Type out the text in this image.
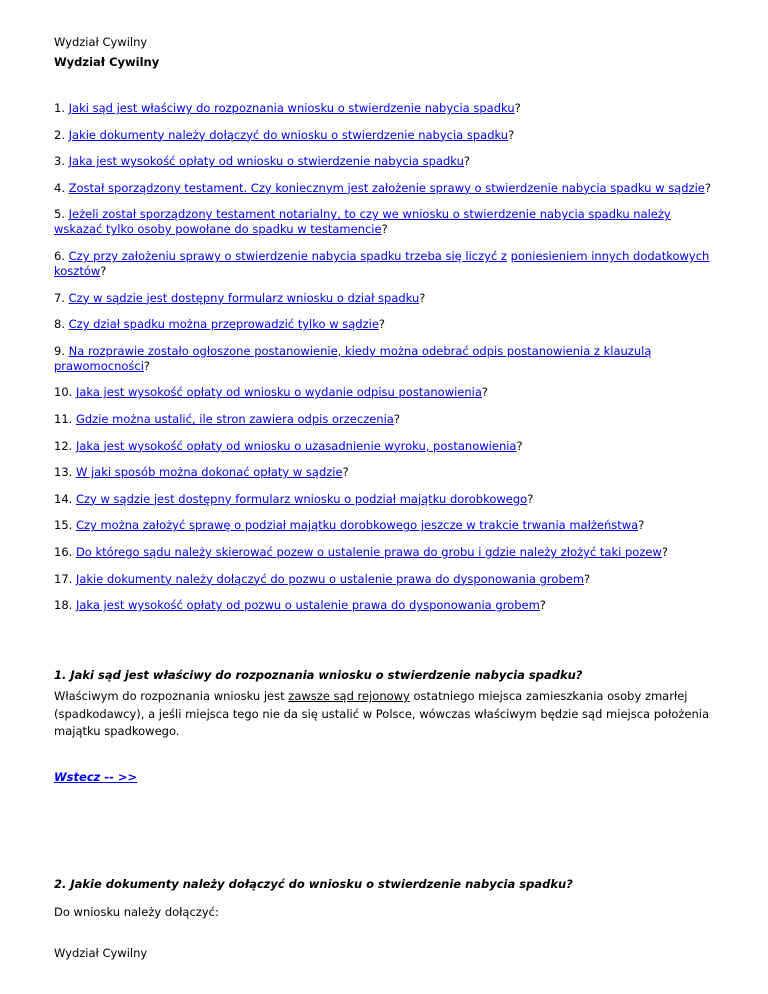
Wydział Cywilny
Wydział Cywilny
1. Jaki sąd jest właściwy do rozpoznania wniosku o stwierdzenie nabycia spadku?
2. Jakie dokumenty należy dołączyć do wniosku o stwierdzenie nabycia spadku?
3. Jaka jest wysokość opłaty od wniosku o stwierdzenie nabycia spadku?
4. Został sporządzony testament. Czy koniecznym jest założenie sprawy o stwierdzenie nabycia spadku w sądzie?
5. Jeżeli został sporządzony testament notarialny, to czy we wniosku o stwierdzenie nabycia spadku należy wskazać tylko osoby powołane do spadku w testamencie?
6. Czy przy założeniu sprawy o stwierdzenie nabycia spadku trzeba się liczyć z poniesieniem innych dodatkowych kosztów?
7. Czy w sądzie jest dostępny formularz wniosku o dział spadku?
8. Czy dział spadku można przeprowadzić tylko w sądzie?
9. Na rozprawie zostało ogłoszone postanowienie, kiedy można odebrać odpis postanowienia z klauzulą prawomocności?
10. Jaka jest wysokość opłaty od wniosku o wydanie odpisu postanowienia?
11. Gdzie można ustalić, ile stron zawiera odpis orzeczenia?
12. Jaka jest wysokość opłaty od wniosku o uzasadnienie wyroku, postanowienia?
13. W jaki sposób można dokonać opłaty w sądzie?
14. Czy w sądzie jest dostępny formularz wniosku o podział majątku dorobkowego?
15. Czy można założyć sprawę o podział majątku dorobkowego jeszcze w trakcie trwania małżeństwa?
16. Do którego sądu należy skierować pozew o ustalenie prawa do grobu i gdzie należy złożyć taki pozew?
17. Jakie dokumenty należy dołączyć do pozwu o ustalenie prawa do dysponowania grobem?
18. Jaka jest wysokość opłaty od pozwu o ustalenie prawa do dysponowania grobem?
1. Jaki sąd jest właściwy do rozpoznania wniosku o stwierdzenie nabycia spadku?
Właściwym do rozpoznania wniosku jest zawsze sąd rejonowy ostatniego miejsca zamieszkania osoby zmarłej (spadkodawcy), a jeśli miejsca tego nie da się ustalić w Polsce, wówczas właściwym będzie sąd miejsca położenia majątku spadkowego.
Wstecz -- >>
2. Jakie dokumenty należy dołączyć do wniosku o stwierdzenie nabycia spadku?
Do wniosku należy dołączyć:
Wydział Cywilny
